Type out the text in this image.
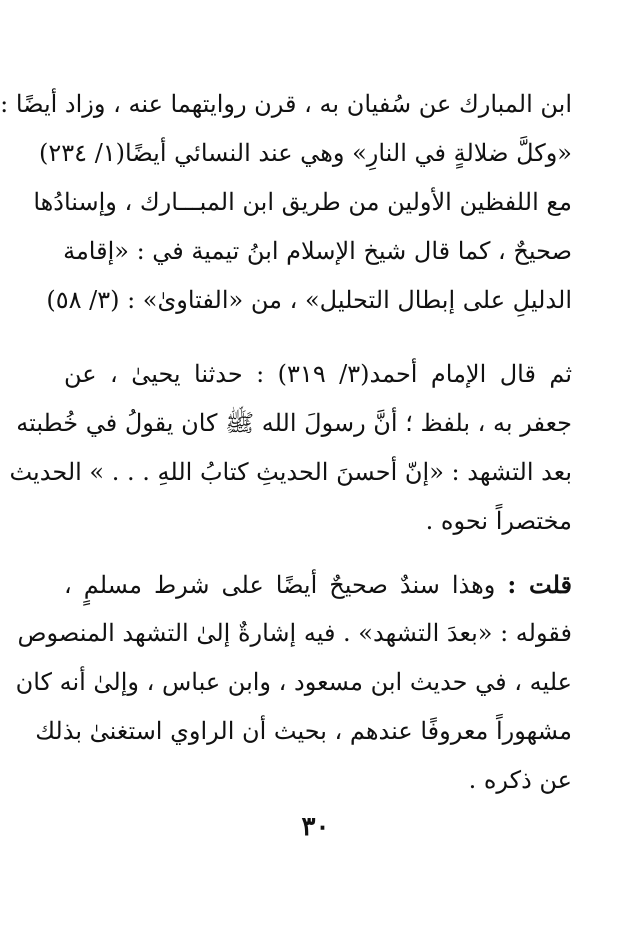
ابن المبارك عن سُفيان به ، قرن روايتهما عنه ، وزاد أيضًا :
«وكلَّ ضلالةٍ في النارِ» وهي عند النسائي أيضًا(١/ ٢٣٤)
مع اللفظين الأولين من طريق ابن المبـــارك ، وإسنادُها
صحيحٌ ، كما قال شيخ الإسلام ابنُ تيمية في : «إقامة
الدليلِ على إبطال التحليل» ، من «الفتاوىٰ» : (٣/ ٥٨)
ثم قال الإمام أحمد(٣/ ٣١٩) : حدثنا يحيىٰ ، عن
جعفر به ، بلفظ ؛ أنَّ رسولَ الله ﷺ كان يقولُ في خُطبته
بعد التشهد : «إنّ أحسنَ الحديثِ كتابُ اللهِ . . . » الحديث
مختصراً نحوه .
قلت : وهذا سندٌ صحيحٌ أيضًا على شرط مسلمٍ ،
فقوله : «بعدَ التشهد» . فيه إشارةٌ إلىٰ التشهد المنصوص
عليه ، في حديث ابن مسعود ، وابن عباس ، وإلىٰ أنه كان
مشهوراً معروفًا عندهم ، بحيث أن الراوي استغنىٰ بذلك
عن ذكره .
٣٠
